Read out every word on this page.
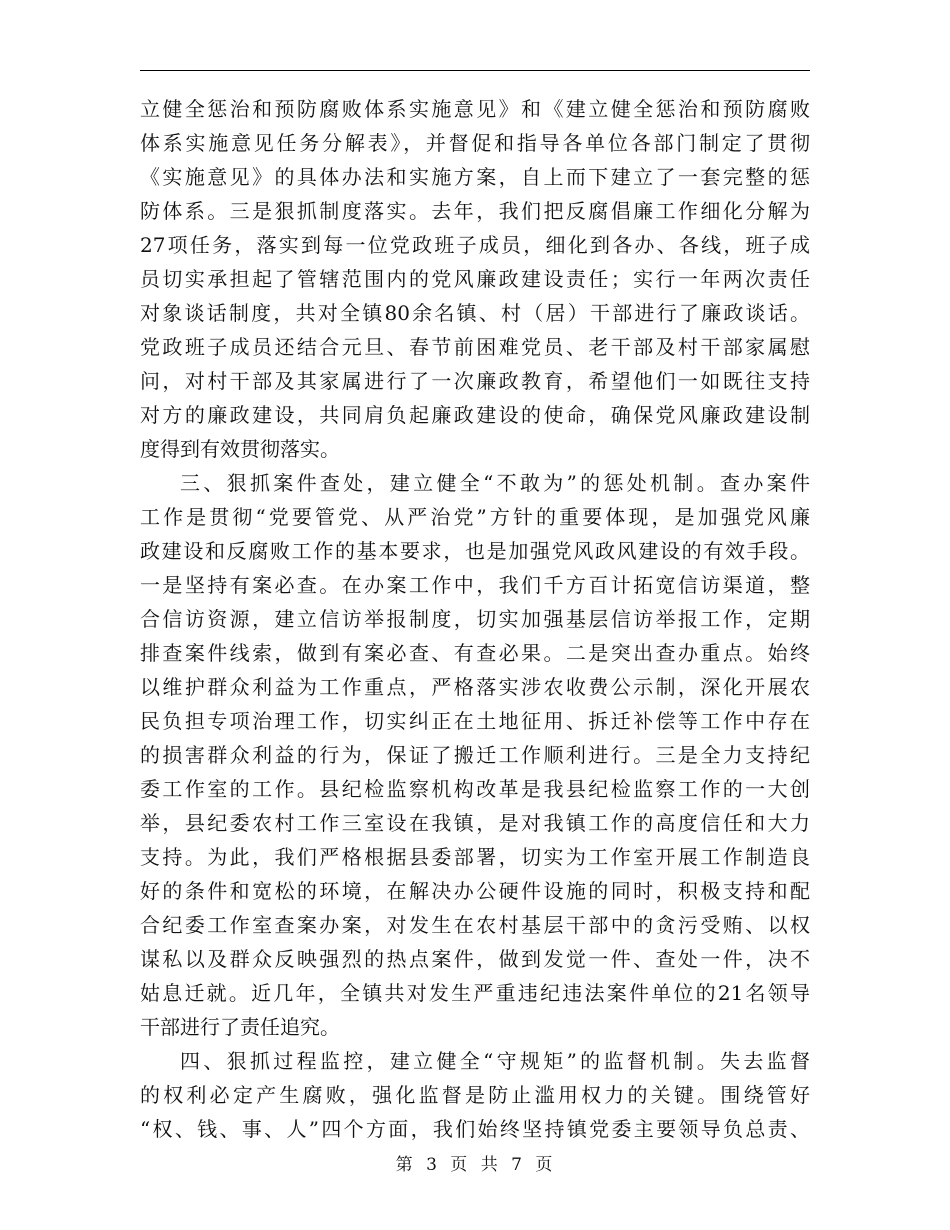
立健全惩治和预防腐败体系实施意见》和《建立健全惩治和预防腐败
体系实施意见任务分解表》，并督促和指导各单位各部门制定了贯彻
《实施意见》的具体办法和实施方案，自上而下建立了一套完整的惩
防体系。三是狠抓制度落实。去年，我们把反腐倡廉工作细化分解为
27项任务，落实到每一位党政班子成员，细化到各办、各线，班子成
员切实承担起了管辖范围内的党风廉政建设责任；实行一年两次责任
对象谈话制度，共对全镇80余名镇、村（居）干部进行了廉政谈话。
党政班子成员还结合元旦、春节前困难党员、老干部及村干部家属慰
问，对村干部及其家属进行了一次廉政教育，希望他们一如既往支持
对方的廉政建设，共同肩负起廉政建设的使命，确保党风廉政建设制
度得到有效贯彻落实。
三、狠抓案件查处，建立健全“不敢为”的惩处机制。查办案件
工作是贯彻“党要管党、从严治党”方针的重要体现，是加强党风廉
政建设和反腐败工作的基本要求，也是加强党风政风建设的有效手段。
一是坚持有案必查。在办案工作中，我们千方百计拓宽信访渠道，整
合信访资源，建立信访举报制度，切实加强基层信访举报工作，定期
排查案件线索，做到有案必查、有查必果。二是突出查办重点。始终
以维护群众利益为工作重点，严格落实涉农收费公示制，深化开展农
民负担专项治理工作，切实纠正在土地征用、拆迁补偿等工作中存在
的损害群众利益的行为，保证了搬迁工作顺利进行。三是全力支持纪
委工作室的工作。县纪检监察机构改革是我县纪检监察工作的一大创
举，县纪委农村工作三室设在我镇，是对我镇工作的高度信任和大力
支持。为此，我们严格根据县委部署，切实为工作室开展工作制造良
好的条件和宽松的环境，在解决办公硬件设施的同时，积极支持和配
合纪委工作室查案办案，对发生在农村基层干部中的贪污受贿、以权
谋私以及群众反映强烈的热点案件，做到发觉一件、查处一件，决不
姑息迁就。近几年，全镇共对发生严重违纪违法案件单位的21名领导
干部进行了责任追究。
四、狠抓过程监控，建立健全“守规矩”的监督机制。失去监督
的权利必定产生腐败，强化监督是防止滥用权力的关键。围绕管好
“权、钱、事、人”四个方面，我们始终坚持镇党委主要领导负总责、
第 3 页 共 7 页
